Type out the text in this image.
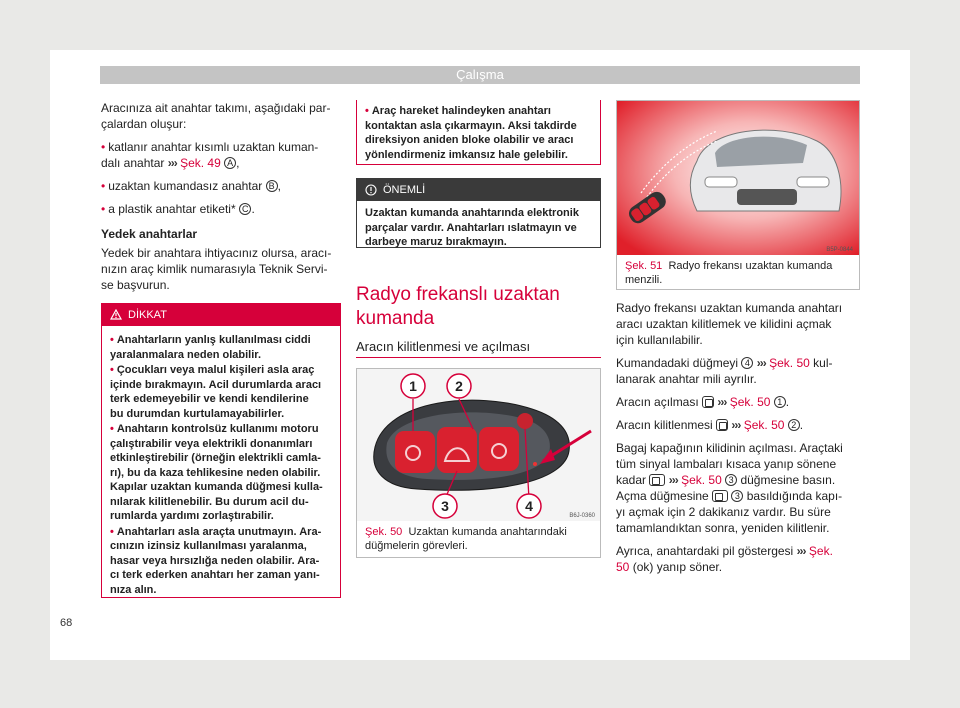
Çalışma

Aracınıza ait anahtar takımı, aşağıdaki par-

çalardan oluşur:

• katlanır anahtar kısımlı uzaktan kuman-

dalı anahtar ››› Şek. 49 A ,

• uzaktan kumandasız anahtar B ,

• a plastik anahtar etiketi* C .

Yedek anahtarlar

Yedek bir anahtara ihtiyacınız olursa, aracı-

nızın araç kimlik numarasıyla Teknik Servi-

se başvurun.

DİKKAT

• Anahtarların yanlış kullanılması ciddi

yaralanmalara neden olabilir.

• Çocukları veya malul kişileri asla araç

içinde bırakmayın. Acil durumlarda aracı

terk edemeyebilir ve kendi kendilerine

bu durumdan kurtulamayabilirler.

• Anahtarın kontrolsüz kullanımı motoru

çalıştırabilir veya elektrikli donanımları

etkinleştirebilir (örneğin elektrikli camla-

rı), bu da kaza tehlikesine neden olabilir.

Kapılar uzaktan kumanda düğmesi kulla-

nılarak kilitlenebilir. Bu durum acil du-

rumlarda yardımı zorlaştırabilir.

• Anahtarları asla araçta unutmayın. Ara-

cınızın izinsiz kullanılması yaralanma,

hasar veya hırsızlığa neden olabilir. Ara-

cı terk ederken anahtarı her zaman yanı-

nıza alın.

• Araç hareket halindeyken anahtarı

kontaktan asla çıkarmayın. Aksi takdirde

direksiyon aniden bloke olabilir ve aracı

yönlendirmeniz imkansız hale gelebilir.

ÖNEMLİ

Uzaktan kumanda anahtarında elektronik

parçalar vardır. Anahtarları ıslatmayın ve

darbeye maruz bırakmayın.

Radyo frekanslı uzaktan

kumanda

Aracın kilitlenmesi ve açılması
1	2
3	4
B6J-0360

Şek. 50 Uzaktan kumanda anahtarındaki

düğmelerin görevleri.

B5P-0844

Şek. 51 Radyo frekansı uzaktan kumanda

menzili.

Radyo frekansı uzaktan kumanda anahtarı

aracı uzaktan kilitlemek ve kilidini açmak

için kullanılabilir.

Kumandadaki düğmeyi 4 ››› Şek. 50 kul-

lanarak anahtar mili ayrılır.

Aracın açılması ››› Şek. 50 1 .

Aracın kilitlenmesi ››› Şek. 50 2 .

Bagaj kapağının kilidinin açılması. Araçtaki

tüm sinyal lambaları kısaca yanıp sönene

kadar ››› Şek. 50 3 düğmesine basın.

Açma düğmesine	3 basıldığında kapı-

yı açmak için 2 dakikanız vardır. Bu süre

tamamlandıktan sonra, yeniden kilitlenir.

Ayrıca, anahtardaki pil göstergesi ››› Şek.

50 (ok) yanıp söner.

68
